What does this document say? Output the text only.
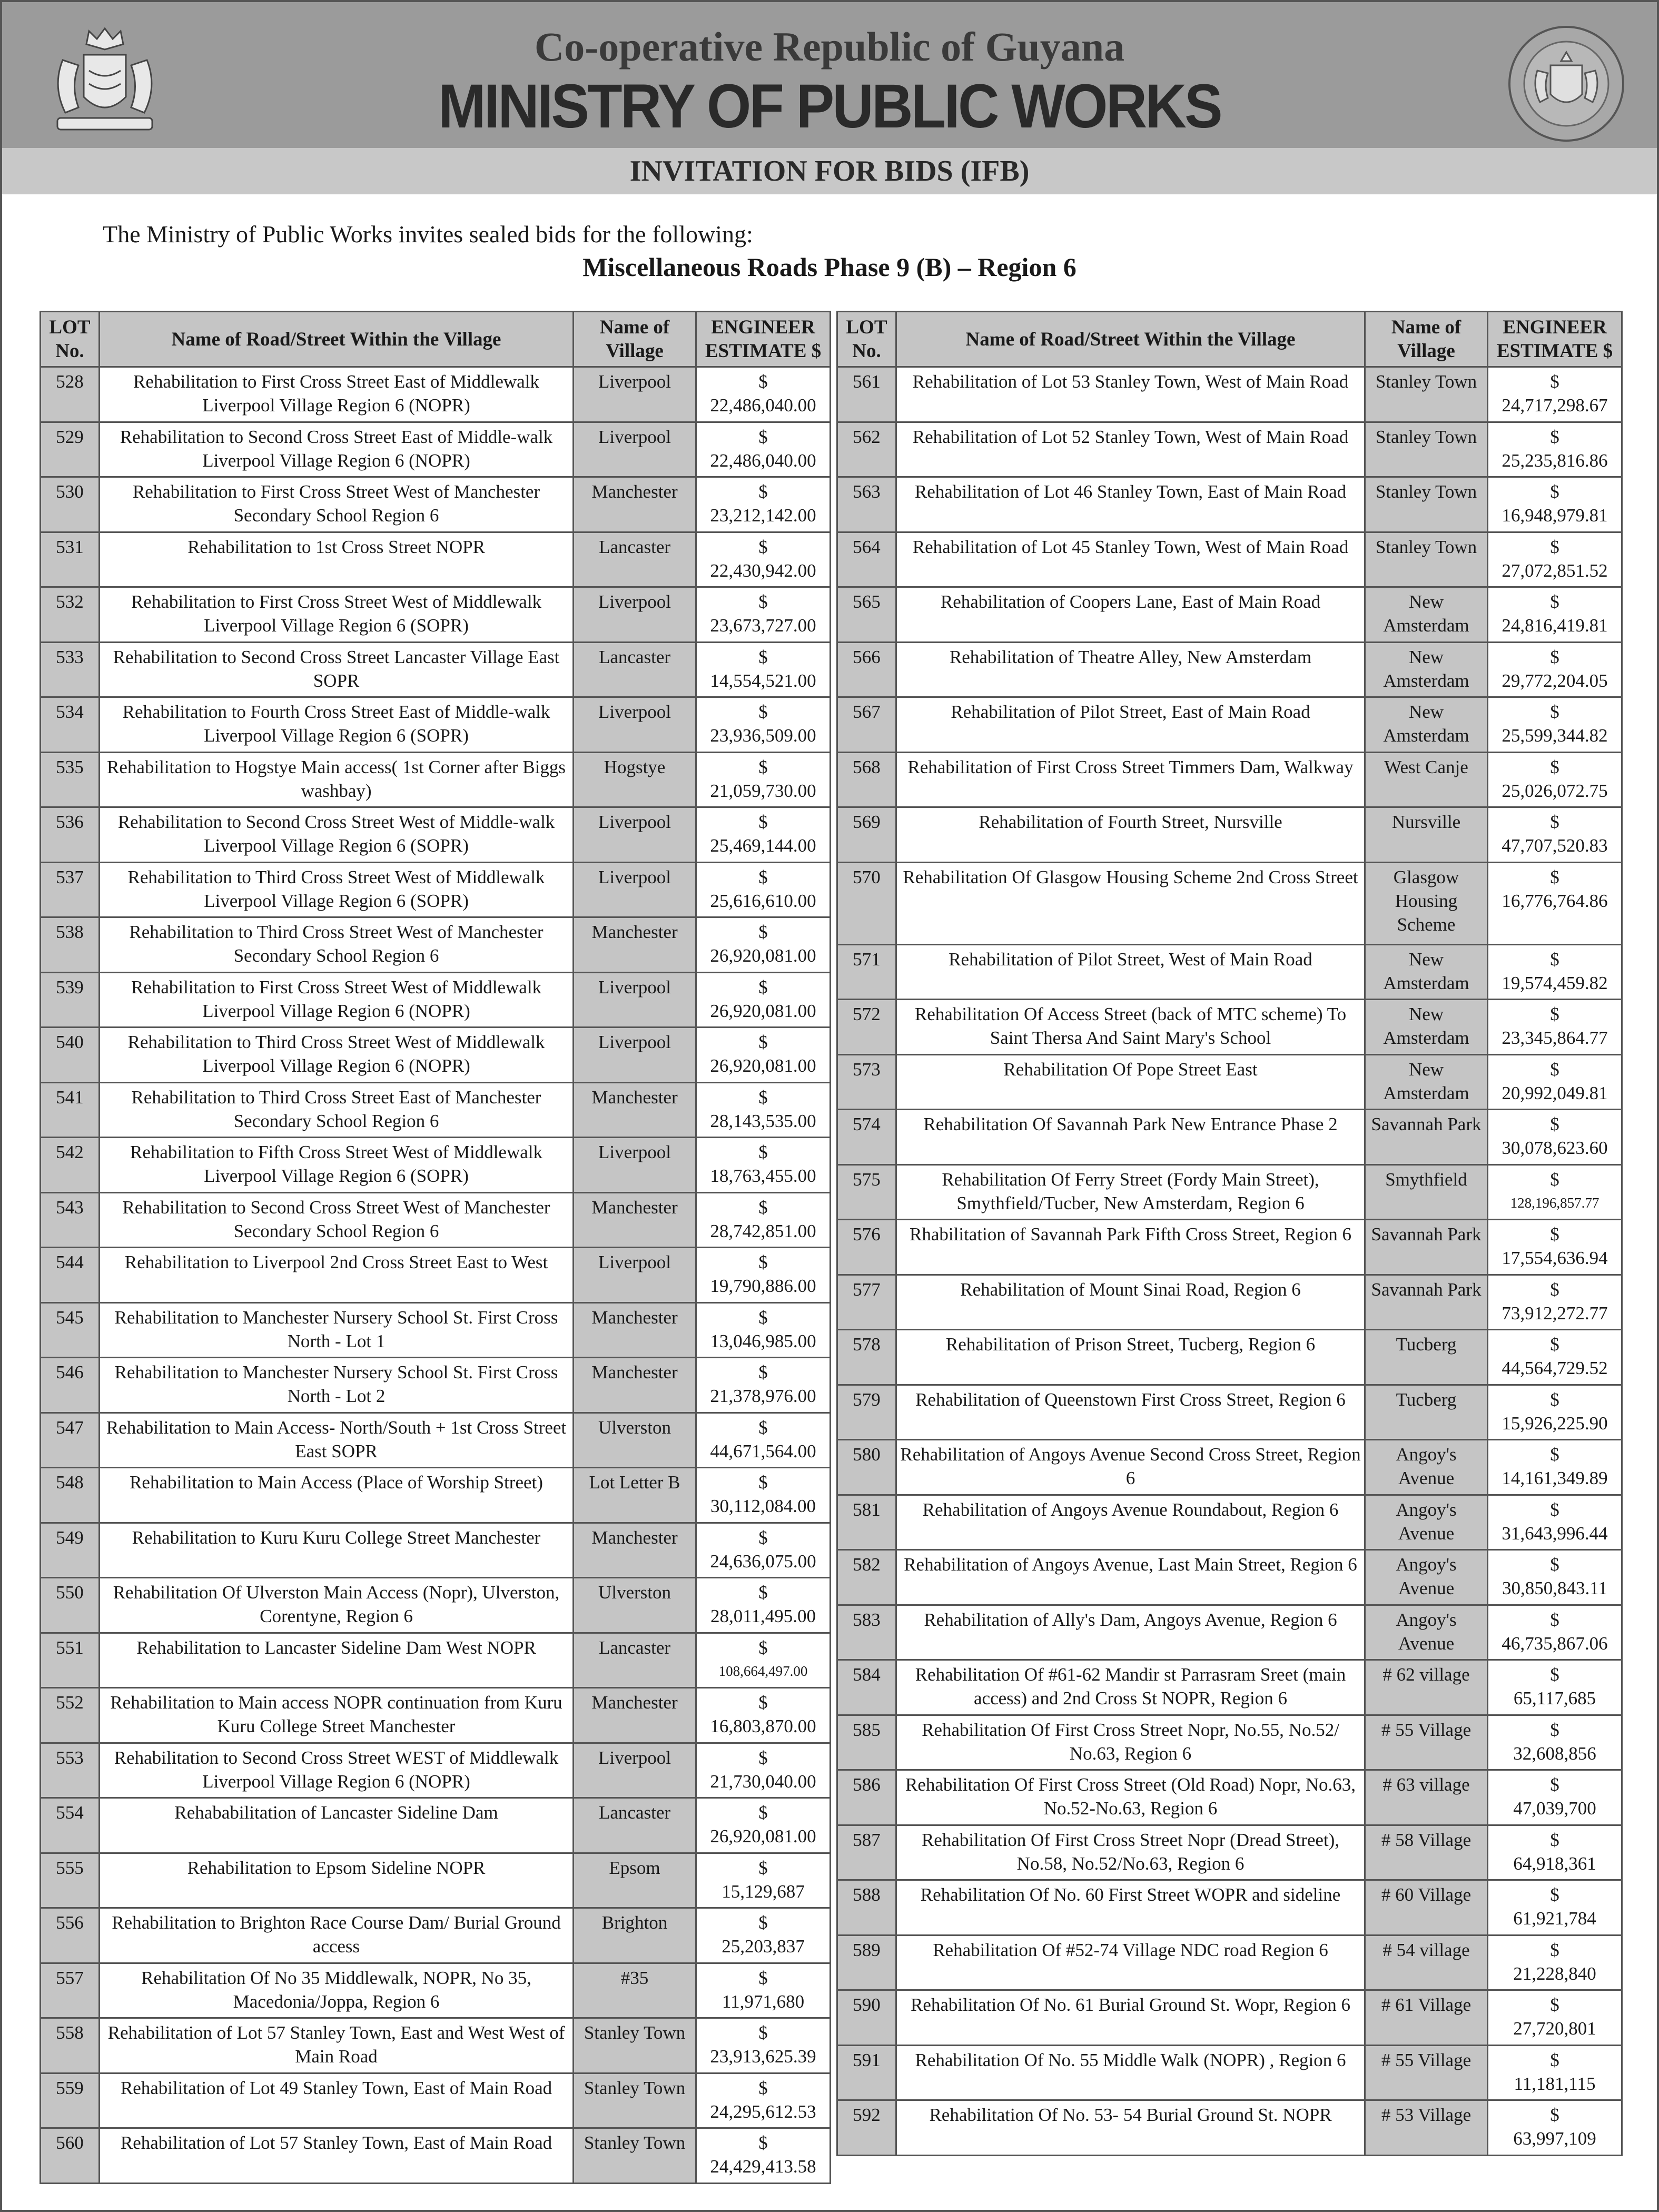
Co-operative Republic of Guyana
MINISTRY OF PUBLIC WORKS
INVITATION FOR BIDS (IFB)
The Ministry of Public Works invites sealed bids for the following:
Miscellaneous Roads Phase 9 (B) – Region 6
LOT
No.	Name of Road/Street Within the Village	Name of
Village	ENGINEER
ESTIMATE $
528	Rehabilitation to First Cross Street East of Middlewalk Liverpool Village Region 6 (NOPR)	Liverpool	$
22,486,040.00

529	Rehabilitation to Second Cross Street East of Middle-walk Liverpool Village Region 6 (NOPR)	Liverpool	$
22,486,040.00

530	Rehabilitation to First Cross Street West of Manchester Secondary School Region 6	Manchester	$
23,212,142.00

531	Rehabilitation to 1st Cross Street NOPR	Lancaster	$
22,430,942.00

532	Rehabilitation to First Cross Street West of Middlewalk Liverpool Village Region 6 (SOPR)	Liverpool	$
23,673,727.00

533	Rehabilitation to Second Cross Street Lancaster Village East SOPR	Lancaster	$
14,554,521.00

534	Rehabilitation to Fourth Cross Street East of Middle-walk Liverpool Village Region 6 (SOPR)	Liverpool	$
23,936,509.00

535	Rehabilitation to Hogstye Main access( 1st Corner after Biggs washbay)	Hogstye	$
21,059,730.00

536	Rehabilitation to Second Cross Street West of Middle-walk Liverpool Village Region 6 (SOPR)	Liverpool	$
25,469,144.00

537	Rehabilitation to Third Cross Street West of Middlewalk Liverpool Village Region 6 (SOPR)	Liverpool	$
25,616,610.00

538	Rehabilitation to Third Cross Street West of Manchester Secondary School Region 6	Manchester	$
26,920,081.00

539	Rehabilitation to First Cross Street West of Middlewalk Liverpool Village Region 6 (NOPR)	Liverpool	$
26,920,081.00

540	Rehabilitation to Third Cross Street West of Middlewalk Liverpool Village Region 6 (NOPR)	Liverpool	$
26,920,081.00

541	Rehabilitation to Third Cross Street East of Manchester Secondary School Region 6	Manchester	$
28,143,535.00

542	Rehabilitation to Fifth Cross Street West of Middlewalk Liverpool Village Region 6 (SOPR)	Liverpool	$
18,763,455.00

543	Rehabilitation to Second Cross Street West of Manchester Secondary School Region 6	Manchester	$
28,742,851.00

544	Rehabilitation to Liverpool 2nd Cross Street East to West	Liverpool	$
19,790,886.00

545	Rehabilitation to Manchester Nursery School St. First Cross North - Lot 1	Manchester	$
13,046,985.00

546	Rehabilitation to Manchester Nursery School St. First Cross North - Lot 2	Manchester	$
21,378,976.00

547	Rehabilitation to Main Access- North/South + 1st Cross Street East SOPR	Ulverston	$
44,671,564.00

548	Rehabilitation to Main Access (Place of Worship Street)	Lot Letter B	$
30,112,084.00

549	Rehabilitation to Kuru Kuru College Street Manchester	Manchester	$
24,636,075.00

550	Rehabilitation Of Ulverston Main Access (Nopr), Ulverston, Corentyne, Region 6	Ulverston	$
28,011,495.00

551	Rehabilitation to Lancaster Sideline Dam West NOPR	Lancaster	$
108,664,497.00

552	Rehabilitation to Main access NOPR continuation from Kuru Kuru College Street Manchester	Manchester	$
16,803,870.00

553	Rehabilitation to Second Cross Street WEST of Middlewalk Liverpool Village Region 6 (NOPR)	Liverpool	$
21,730,040.00

554	Rehababilitation of Lancaster Sideline Dam	Lancaster	$
26,920,081.00

555	Rehabilitation to Epsom Sideline NOPR	Epsom	$
15,129,687

556	Rehabilitation to Brighton Race Course Dam/ Burial Ground access	Brighton	$
25,203,837

557	Rehabilitation Of No 35 Middlewalk, NOPR, No 35, Macedonia/Joppa, Region 6	#35	$
11,971,680

558	Rehabilitation of Lot 57 Stanley Town, East and West West of Main Road	Stanley Town	$
23,913,625.39

559	Rehabilitation of Lot 49 Stanley Town, East of Main Road	Stanley Town	$
24,295,612.53

560	Rehabilitation of Lot 57 Stanley Town, East of Main Road	Stanley Town	$
24,429,413.58
LOT
No.	Name of Road/Street Within the Village	Name of
Village	ENGINEER
ESTIMATE $
561	Rehabilitation of Lot 53 Stanley Town, West of Main Road	Stanley Town	$
24,717,298.67

562	Rehabilitation of Lot 52 Stanley Town, West of Main Road	Stanley Town	$
25,235,816.86

563	Rehabilitation of Lot 46 Stanley Town, East of Main Road	Stanley Town	$
16,948,979.81

564	Rehabilitation of Lot 45 Stanley Town, West of Main Road	Stanley Town	$
27,072,851.52

565	Rehabilitation of Coopers Lane, East of Main Road	New Amsterdam	$
24,816,419.81

566	Rehabilitation of Theatre Alley, New Amsterdam	New Amsterdam	$
29,772,204.05

567	Rehabilitation of Pilot Street, East of Main Road	New Amsterdam	$
25,599,344.82

568	Rehabilitation of First Cross Street Timmers Dam, Walkway	West Canje	$
25,026,072.75

569	Rehabilitation of Fourth Street, Nursville	Nursville	$
47,707,520.83

570	Rehabilitation Of Glasgow Housing Scheme 2nd Cross Street	Glasgow Housing Scheme	$
16,776,764.86

571	Rehabilitation of Pilot Street, West of Main Road	New Amsterdam	$
19,574,459.82

572	Rehabilitation Of Access Street (back of MTC scheme) To Saint Thersa And Saint Mary's School	New Amsterdam	$
23,345,864.77

573	Rehabilitation Of Pope Street East	New Amsterdam	$
20,992,049.81

574	Rehabilitation Of Savannah Park New Entrance Phase 2	Savannah Park	$
30,078,623.60

575	Rehabilitation Of Ferry Street (Fordy Main Street), Smythfield/Tucber, New Amsterdam, Region 6	Smythfield	$
128,196,857.77

576	Rhabilitation of Savannah Park Fifth Cross Street, Region 6	Savannah Park	$
17,554,636.94

577	Rehabilitation of Mount Sinai Road, Region 6	Savannah Park	$
73,912,272.77

578	Rehabilitation of Prison Street, Tucberg, Region 6	Tucberg	$
44,564,729.52

579	Rehabilitation of Queenstown First Cross Street, Region 6	Tucberg	$
15,926,225.90

580	Rehabilitation of Angoys Avenue Second Cross Street, Region 6	Angoy's Avenue	$
14,161,349.89

581	Rehabilitation of Angoys Avenue Roundabout, Region 6	Angoy's Avenue	$
31,643,996.44

582	Rehabilitation of Angoys Avenue, Last Main Street, Region 6	Angoy's Avenue	$
30,850,843.11

583	Rehabilitation of Ally's Dam, Angoys Avenue, Region 6	Angoy's Avenue	$
46,735,867.06

584	Rehabilitation Of #61-62 Mandir st Parrasram Sreet (main access) and 2nd Cross St NOPR, Region 6	# 62 village	$
65,117,685

585	Rehabilitation Of First Cross Street Nopr, No.55, No.52/ No.63, Region 6	# 55 Village	$
32,608,856

586	Rehabilitation Of First Cross Street (Old Road) Nopr, No.63, No.52-No.63, Region 6	# 63 village	$
47,039,700

587	Rehabilitation Of First Cross Street Nopr (Dread Street), No.58, No.52/No.63, Region 6	# 58 Village	$
64,918,361

588	Rehabilitation Of No. 60 First Street WOPR and sideline	# 60 Village	$
61,921,784

589	Rehabilitation Of #52-74 Village NDC road Region 6	# 54 village	$
21,228,840

590	Rehabilitation Of No. 61 Burial Ground St. Wopr, Region 6	# 61 Village	$
27,720,801

591	Rehabilitation Of No. 55 Middle Walk (NOPR) , Region 6	# 55 Village	$
11,181,115

592	Rehabilitation Of No. 53- 54 Burial Ground St. NOPR	# 53 Village	$
63,997,109
